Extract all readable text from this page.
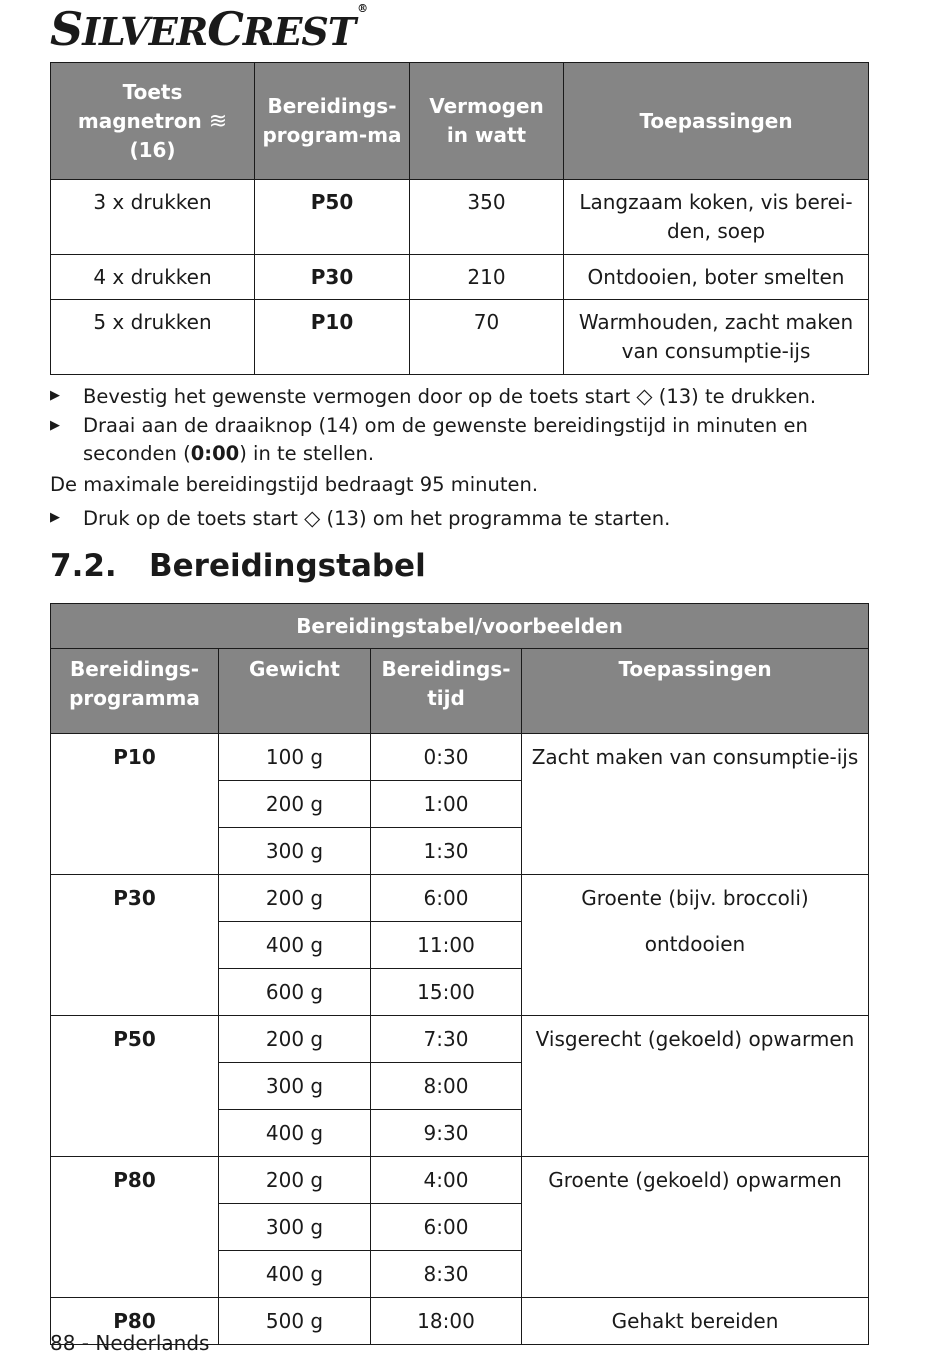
SILVERCREST®
Toets
magnetron ≋
(16)	Bereidings-program-ma	Vermogen in watt	Toepassingen
3 x drukken	P50	350	Langzaam koken, vis berei-den, soep
4 x drukken	P30	210	Ontdooien, boter smelten
5 x drukken	P10	70	Warmhouden, zacht maken van consumptie-ijs
▶ Bevestig het gewenste vermogen door op de toets start ◇ (13) te drukken.
▶ Draai aan de draaiknop (14) om de gewenste bereidingstijd in minuten en seconden (0:00) in te stellen.
De maximale bereidingstijd bedraagt 95 minuten.
▶ Druk op de toets start ◇ (13) om het programma te starten.
7.2. Bereidingstabel
Bereidingstabel/voorbeelden			
Bereidings-programma	Gewicht	Bereidings-tijd	Toepassingen
P10	100 g	0:30	Zacht maken van consumptie-ijs
	200 g	1:00	
	300 g	1:30	
P30	200 g	6:00	Groente (bijv. broccoli) ontdooien
	400 g	11:00	
	600 g	15:00	
P50	200 g	7:30	Visgerecht (gekoeld) opwarmen
	300 g	8:00	
	400 g	9:30	
P80	200 g	4:00	Groente (gekoeld) opwarmen
	300 g	6:00	
	400 g	8:30	
P80	500 g	18:00	Gehakt bereiden
88 - Nederlands
